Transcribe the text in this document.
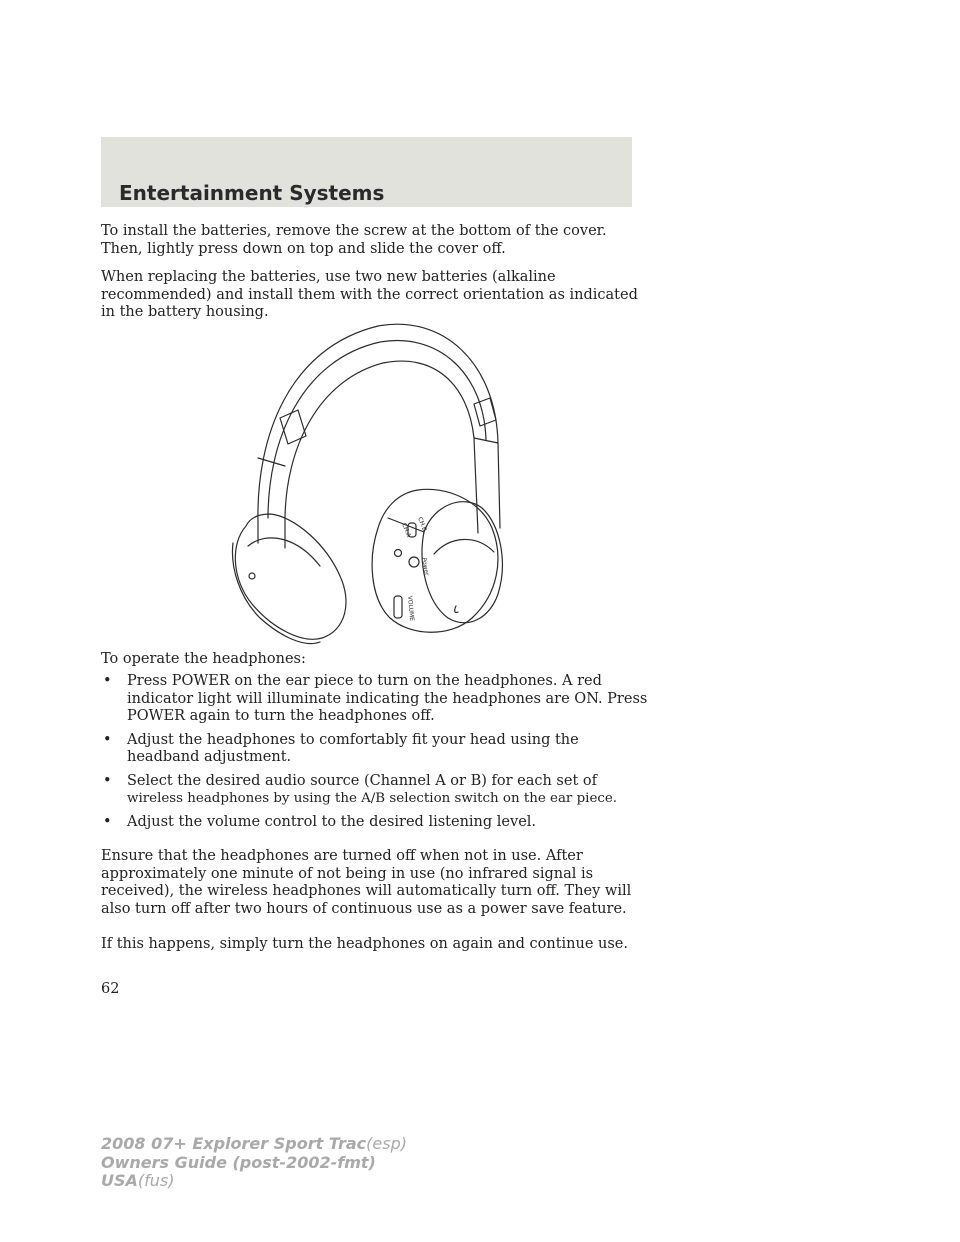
Entertainment Systems

To install the batteries, remove the screw at the bottom of the cover.

Then, lightly press down on top and slide the cover off.

When replacing the batteries, use two new batteries (alkaline

recommended) and install them with the correct orientation as indicated

in the battery housing.

CH.B
CH.A
Power
VOLUME

To operate the headphones:

• Press POWER on the ear piece to turn on the headphones. A red
indicator light will illuminate indicating the headphones are ON. Press
POWER again to turn the headphones off.
• Adjust the headphones to comfortably fit your head using the
headband adjustment.
• Select the desired audio source (Channel A or B) for each set of
wireless headphones by using the A/B selection switch on the ear piece.
• Adjust the volume control to the desired listening level.

Ensure that the headphones are turned off when not in use. After

approximately one minute of not being in use (no infrared signal is

received), the wireless headphones will automatically turn off. They will

also turn off after two hours of continuous use as a power save feature.

If this happens, simply turn the headphones on again and continue use.

62
2008 07+ Explorer Sport Trac(esp)
Owners Guide (post-2002-fmt)
USA(fus)
